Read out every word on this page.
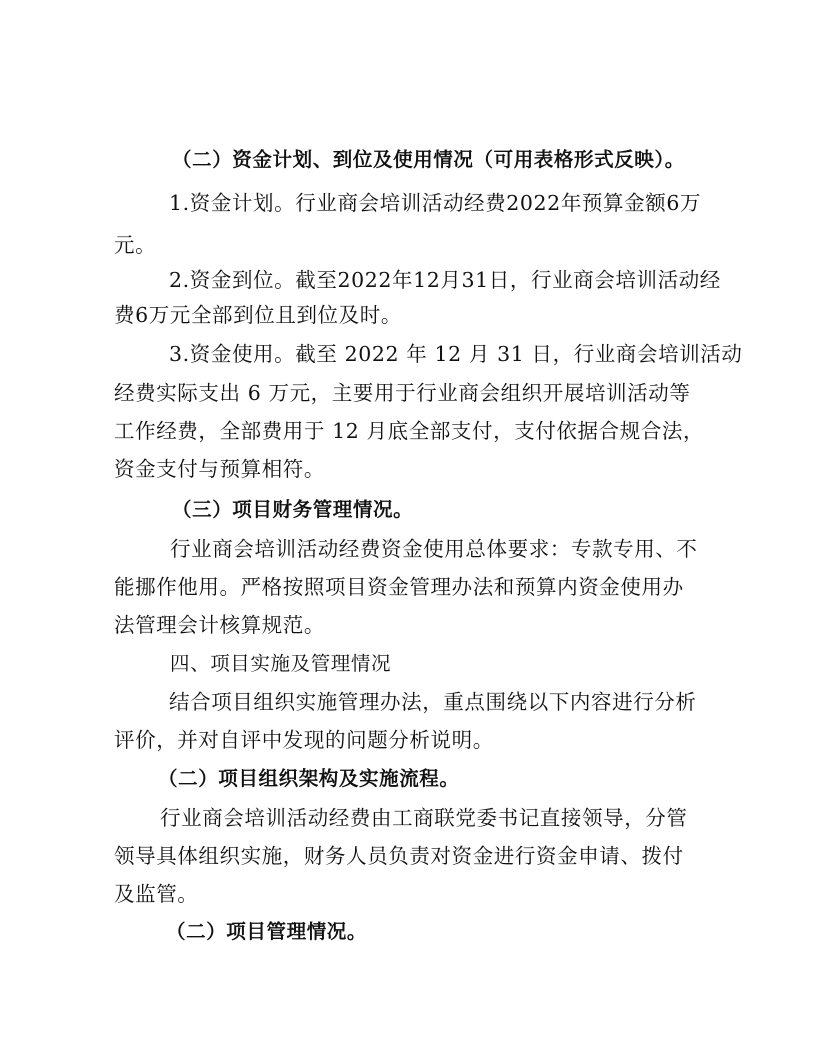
（二）资金计划、到位及使用情况（可用表格形式反映）。
1.资金计划。行业商会培训活动经费2022年预算金额6万
元。
2.资金到位。截至2022年12月31日，行业商会培训活动经
费6万元全部到位且到位及时。
3.资金使用。截至 2022 年 12 月 31 日，行业商会培训活动
经费实际支出 6 万元，主要用于行业商会组织开展培训活动等
工作经费，全部费用于 12 月底全部支付，支付依据合规合法，
资金支付与预算相符。
（三）项目财务管理情况。
行业商会培训活动经费资金使用总体要求：专款专用、不
能挪作他用。严格按照项目资金管理办法和预算内资金使用办
法管理会计核算规范。
四、项目实施及管理情况
结合项目组织实施管理办法，重点围绕以下内容进行分析
评价，并对自评中发现的问题分析说明。
（二）项目组织架构及实施流程。
行业商会培训活动经费由工商联党委书记直接领导，分管
领导具体组织实施，财务人员负责对资金进行资金申请、拨付
及监管。
（二）项目管理情况。
